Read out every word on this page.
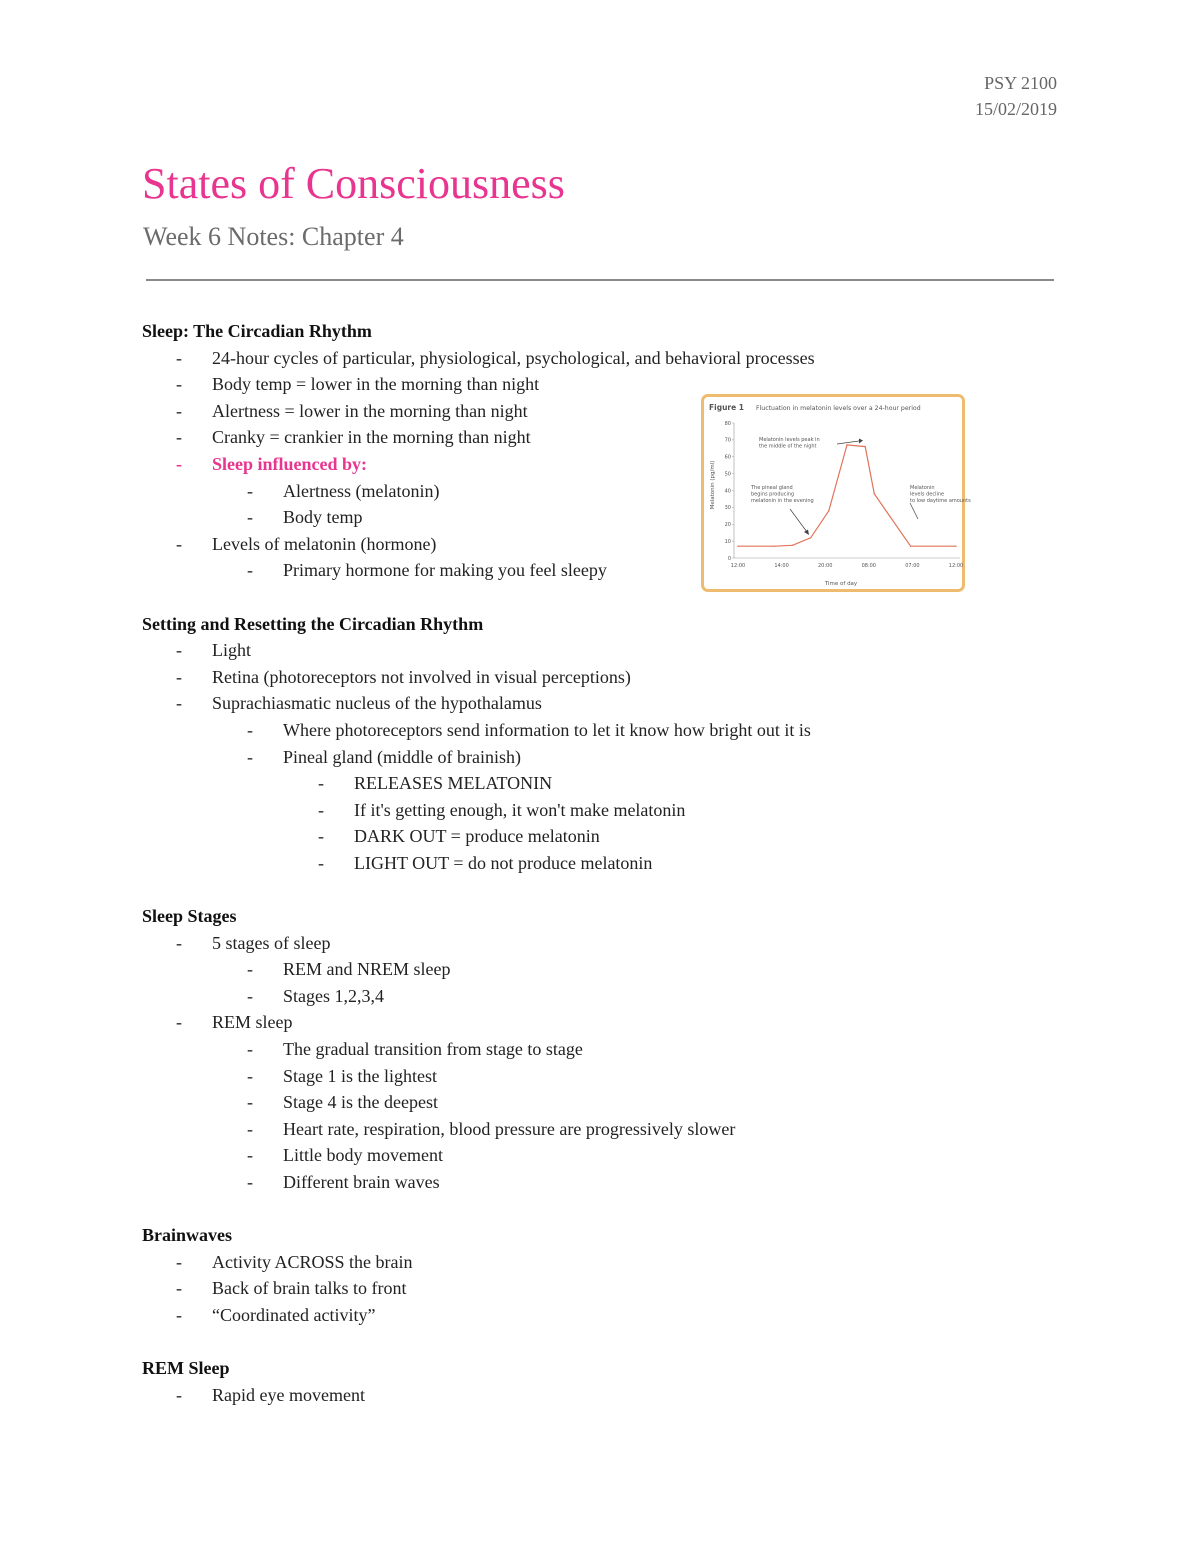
PSY 2100
15/02/2019
States of Consciousness
Week 6 Notes: Chapter 4
Sleep: The Circadian Rhythm
- 24-hour cycles of particular, physiological, psychological, and behavioral processes
- Body temp = lower in the morning than night
- Alertness = lower in the morning than night
- Cranky = crankier in the morning than night
- Sleep influenced by:
- Alertness (melatonin)
- Body temp
- Levels of melatonin (hormone)
- Primary hormone for making you feel sleepy
Setting and Resetting the Circadian Rhythm
- Light
- Retina (photoreceptors not involved in visual perceptions)
- Suprachiasmatic nucleus of the hypothalamus
- Where photoreceptors send information to let it know how bright out it is
- Pineal gland (middle of brainish)
- RELEASES MELATONIN
- If it's getting enough, it won't make melatonin
- DARK OUT = produce melatonin
- LIGHT OUT = do not produce melatonin
Sleep Stages
- 5 stages of sleep
- REM and NREM sleep
- Stages 1,2,3,4
- REM sleep
- The gradual transition from stage to stage
- Stage 1 is the lightest
- Stage 4 is the deepest
- Heart rate, respiration, blood pressure are progressively slower
- Little body movement
- Different brain waves
Brainwaves
- Activity ACROSS the brain
- Back of brain talks to front
- “Coordinated activity”
REM Sleep
- Rapid eye movement
Figure 1 Fluctuation in melatonin levels over a 24-hour period
Melatonin (pg/ml)
Time of day
0
10
20
30
40
50
60
70
80
12:00	14:00	20:00	08:00	07:00	12:00
Melatonin levels peak in the middle of the night
The pineal gland begins producing melatonin in the evening
Melatonin levels decline to low daytime amounts
